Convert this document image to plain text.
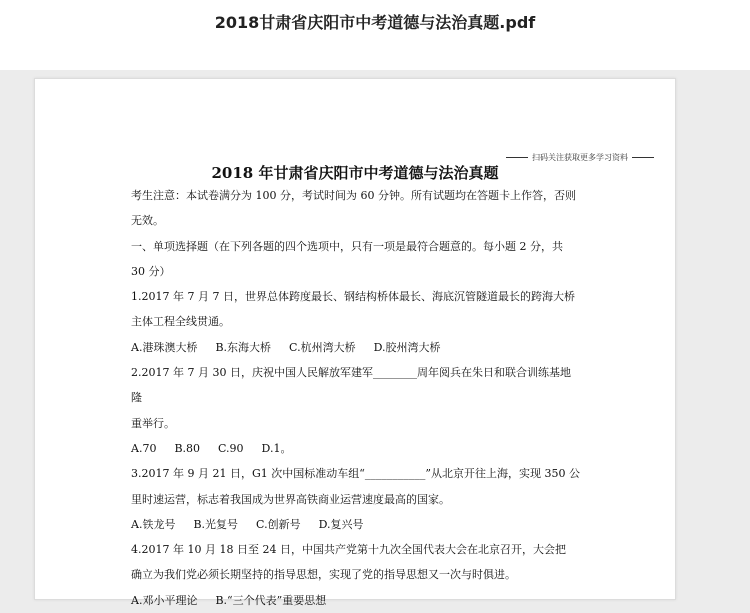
2018甘肃省庆阳市中考道德与法治真题.pdf
扫码关注获取更多学习资料
2018 年甘肃省庆阳市中考道德与法治真题

考生注意：本试卷满分为 100 分，考试时间为 60 分钟。所有试题均在答题卡上作答，否则

无效。

一、单项选择题（在下列各题的四个选项中，只有一项是最符合题意的。每小题 2 分，共

30 分）

1.2017 年 7 月 7 日，世界总体跨度最长、钢结构桥体最长、海底沉管隧道最长的跨海大桥

主体工程全线贯通。

A.港珠澳大桥 B.东海大桥 C.杭州湾大桥 D.胶州湾大桥

2.2017 年 7 月 30 日，庆祝中国人民解放军建军________周年阅兵在朱日和联合训练基地隆

重举行。

A.70 B.80 C.90 D.1。

3.2017 年 9 月 21 日，G1 次中国标准动车组“___________”从北京开往上海，实现 350 公

里时速运营，标志着我国成为世界高铁商业运营速度最高的国家。

A.铁龙号 B.光复号 C.创新号 D.复兴号

4.2017 年 10 月 18 日至 24 日，中国共产党第十九次全国代表大会在北京召开，大会把

确立为我们党必须长期坚持的指导思想，实现了党的指导思想又一次与时俱进。

A.邓小平理论 B.“三个代表”重要思想
